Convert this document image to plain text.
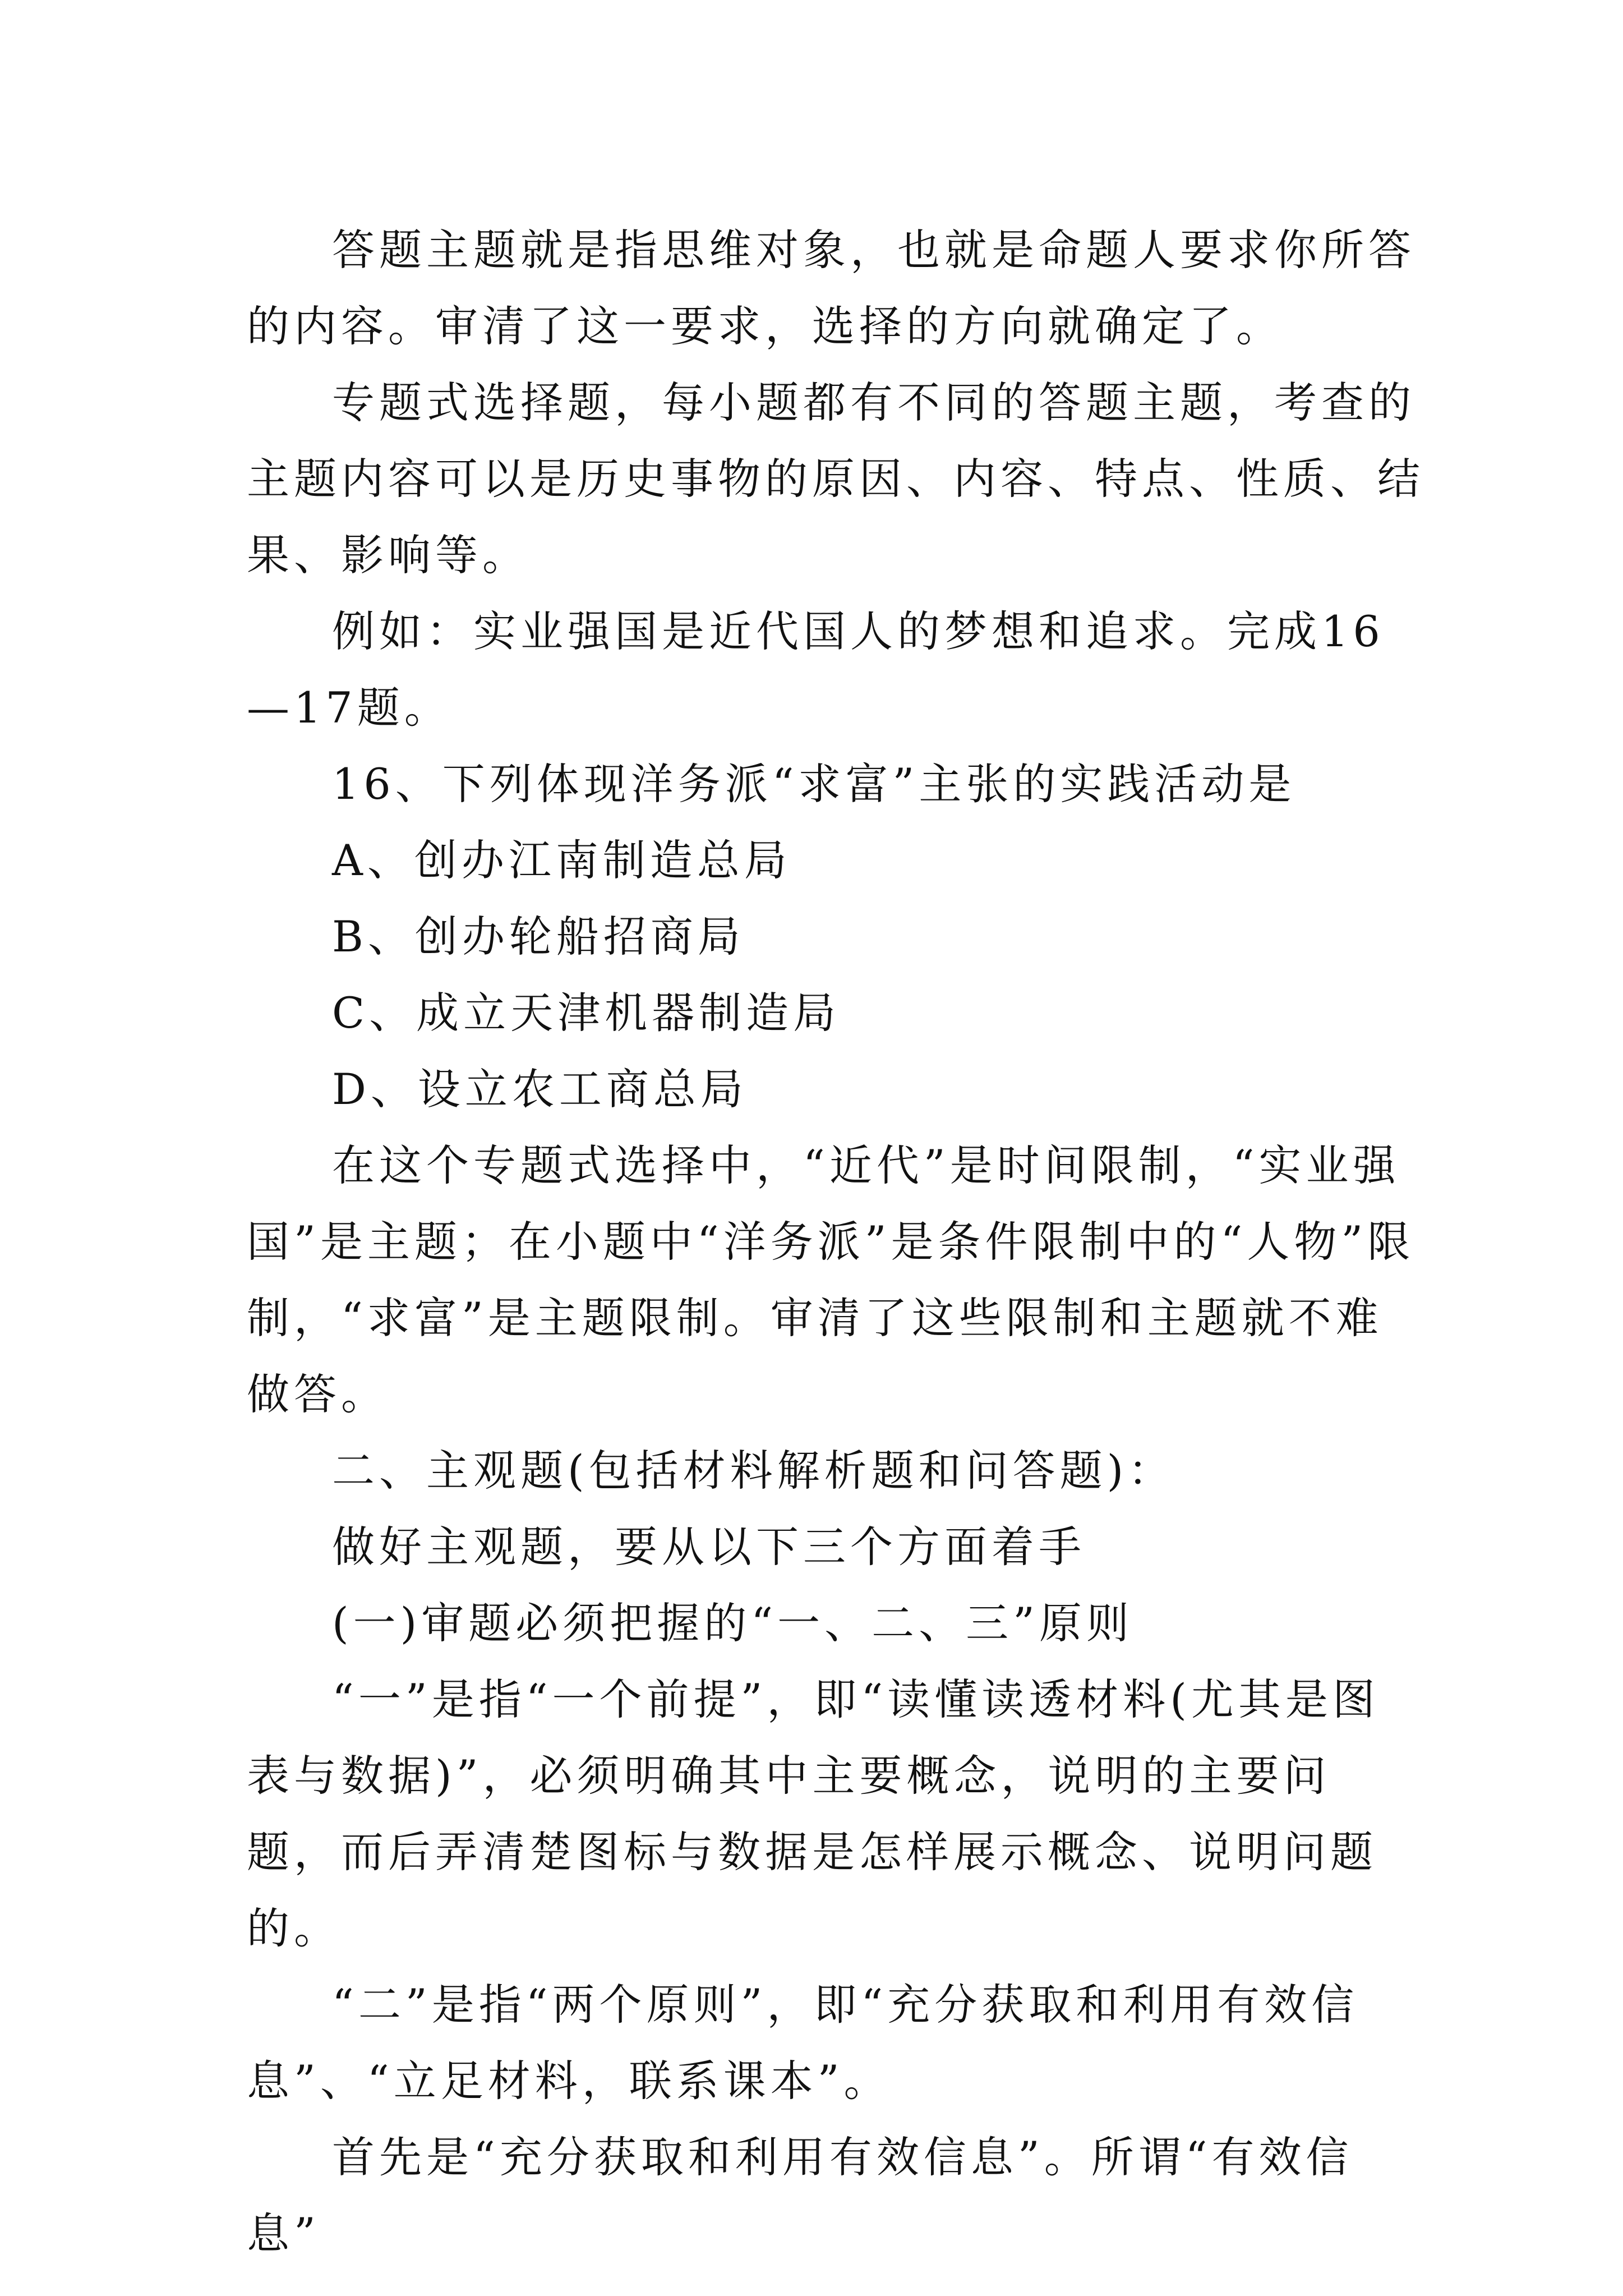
答题主题就是指思维对象，也就是命题人要求你所答的内容。审清了这一要求，选择的方向就确定了。

专题式选择题，每小题都有不同的答题主题，考查的主题内容可以是历史事物的原因、内容、特点、性质、结果、影响等。

例如：实业强国是近代国人的梦想和追求。完成16—17题。

16、下列体现洋务派“求富”主张的实践活动是

A、创办江南制造总局

B、创办轮船招商局

C、成立天津机器制造局

D、设立农工商总局

在这个专题式选择中，“近代”是时间限制，“实业强国”是主题；在小题中“洋务派”是条件限制中的“人物”限制，“求富”是主题限制。审清了这些限制和主题就不难做答。

二、主观题(包括材料解析题和问答题)：

做好主观题，要从以下三个方面着手

(一)审题必须把握的“一、二、三”原则

“一”是指“一个前提”，即“读懂读透材料(尤其是图表与数据)”，必须明确其中主要概念，说明的主要问题，而后弄清楚图标与数据是怎样展示概念、说明问题的。

“二”是指“两个原则”，即“充分获取和利用有效信息”、“立足材料，联系课本”。

首先是“充分获取和利用有效信息”。所谓“有效信息”
